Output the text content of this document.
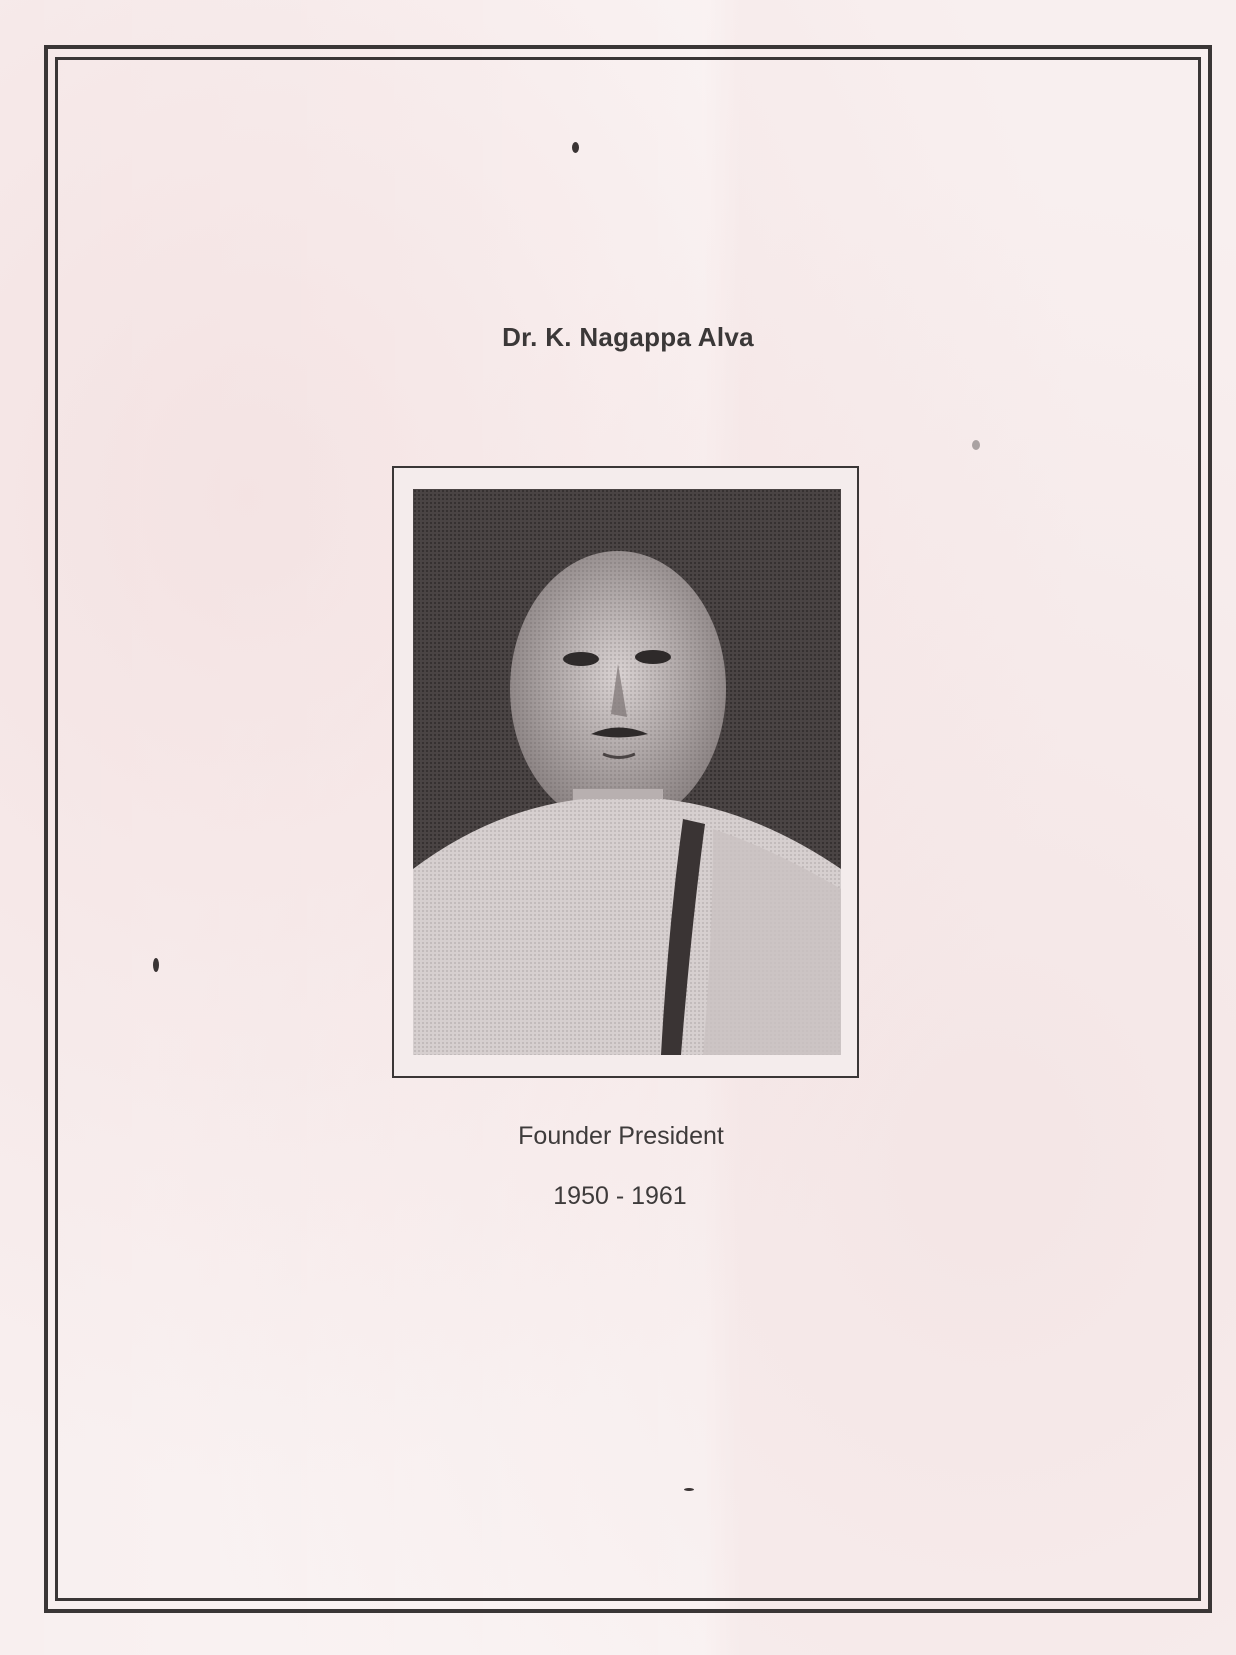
Dr. K. Nagappa Alva
Founder President
1950 - 1961
